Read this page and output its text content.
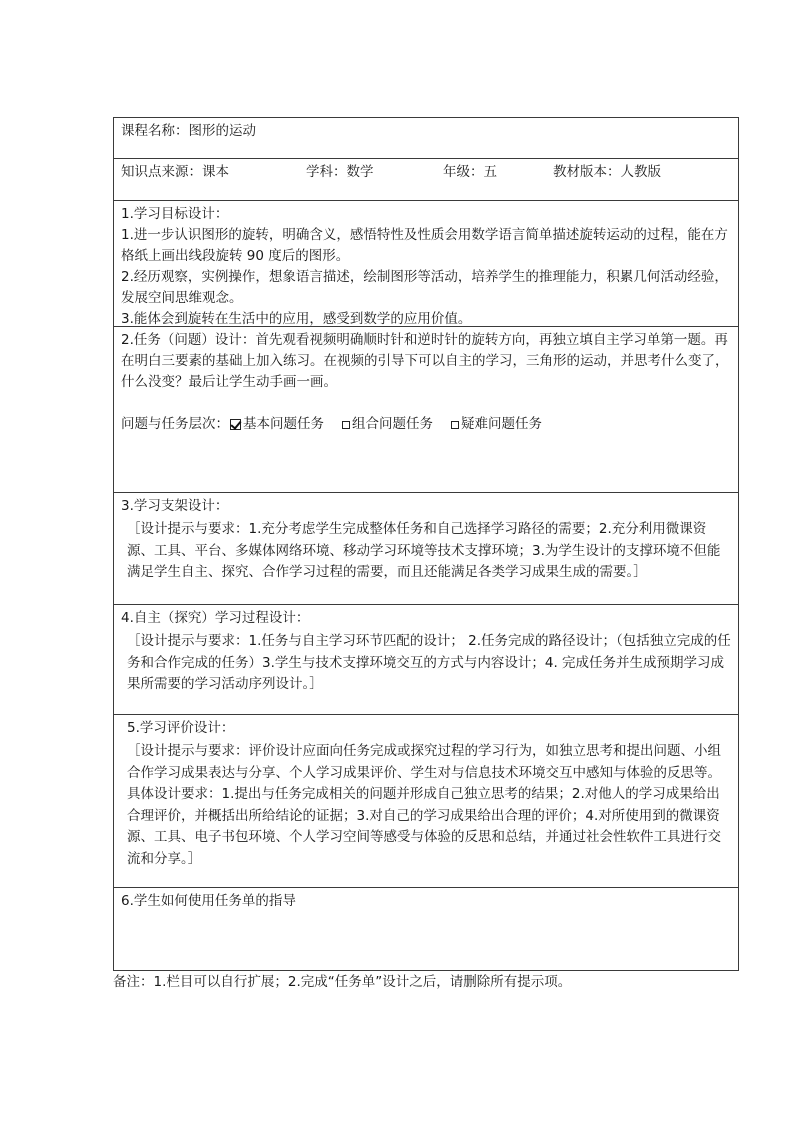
课程名称：图形的运动

知识点来源：课本	学科：数学	年级：五	教材版本：人教版

1.学习目标设计：

1.进一步认识图形的旋转，明确含义，感悟特性及性质会用数学语言简单描述旋转运动的过程，能在方格纸上画出线段旋转 90 度后的图形。

2.经历观察，实例操作，想象语言描述，绘制图形等活动，培养学生的推理能力，积累几何活动经验，发展空间思维观念。

3.能体会到旋转在生活中的应用，感受到数学的应用价值。

2.任务（问题）设计：首先观看视频明确顺时针和逆时针的旋转方向，再独立填自主学习单第一题。再在明白三要素的基础上加入练习。在视频的引导下可以自主的学习，三角形的运动，并思考什么变了，什么没变？最后让学生动手画一画。

问题与任务层次： 基本问题任务 组合问题任务 疑难问题任务

3.学习支架设计：

［设计提示与要求：1.充分考虑学生完成整体任务和自己选择学习路径的需要；2.充分利用微课资源、工具、平台、多媒体网络环境、移动学习环境等技术支撑环境；3.为学生设计的支撑环境不但能满足学生自主、探究、合作学习过程的需要，而且还能满足各类学习成果生成的需要。］

4.自主（探究）学习过程设计：

［设计提示与要求：1.任务与自主学习环节匹配的设计； 2.任务完成的路径设计；（包括独立完成的任务和合作完成的任务）3.学生与技术支撑环境交互的方式与内容设计；4. 完成任务并生成预期学习成果所需要的学习活动序列设计。］

5.学习评价设计：

［设计提示与要求：评价设计应面向任务完成或探究过程的学习行为，如独立思考和提出问题、小组合作学习成果表达与分享、个人学习成果评价、学生对与信息技术环境交互中感知与体验的反思等。具体设计要求：1.提出与任务完成相关的问题并形成自己独立思考的结果；2.对他人的学习成果给出合理评价，并概括出所给结论的证据；3.对自己的学习成果给出合理的评价；4.对所使用到的微课资源、工具、电子书包环境、个人学习空间等感受与体验的反思和总结，并通过社会性软件工具进行交流和分享。］

6.学生如何使用任务单的指导

备注：1.栏目可以自行扩展；2.完成“任务单”设计之后，请删除所有提示项。
